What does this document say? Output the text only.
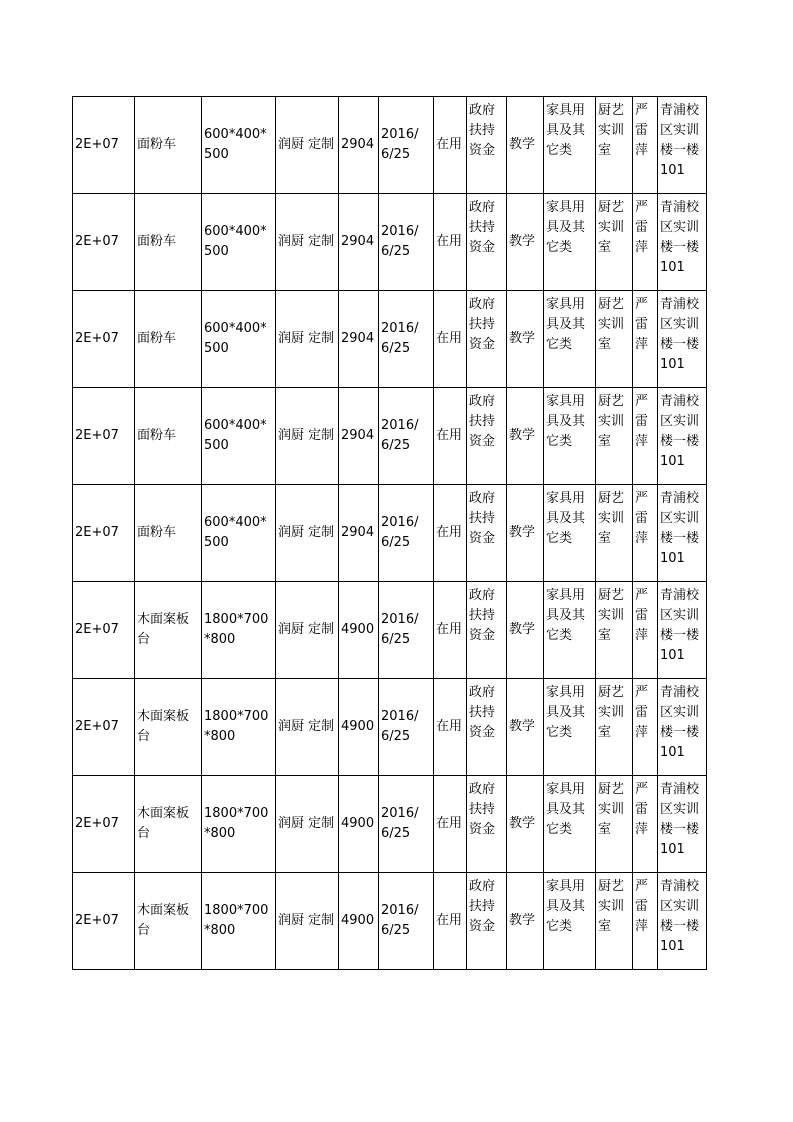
2E+07	面粉车	600*400*500	润厨 定制	2904	2016/6/25	在用	政府扶持资金	教学	家具用具及其它类	厨艺实训室	严雷萍	青浦校区实训楼一楼101
2E+07	面粉车	600*400*500	润厨 定制	2904	2016/6/25	在用	政府扶持资金	教学	家具用具及其它类	厨艺实训室	严雷萍	青浦校区实训楼一楼101
2E+07	面粉车	600*400*500	润厨 定制	2904	2016/6/25	在用	政府扶持资金	教学	家具用具及其它类	厨艺实训室	严雷萍	青浦校区实训楼一楼101
2E+07	面粉车	600*400*500	润厨 定制	2904	2016/6/25	在用	政府扶持资金	教学	家具用具及其它类	厨艺实训室	严雷萍	青浦校区实训楼一楼101
2E+07	面粉车	600*400*500	润厨 定制	2904	2016/6/25	在用	政府扶持资金	教学	家具用具及其它类	厨艺实训室	严雷萍	青浦校区实训楼一楼101
2E+07	木面案板台	1800*700*800	润厨 定制	4900	2016/6/25	在用	政府扶持资金	教学	家具用具及其它类	厨艺实训室	严雷萍	青浦校区实训楼一楼101
2E+07	木面案板台	1800*700*800	润厨 定制	4900	2016/6/25	在用	政府扶持资金	教学	家具用具及其它类	厨艺实训室	严雷萍	青浦校区实训楼一楼101
2E+07	木面案板台	1800*700*800	润厨 定制	4900	2016/6/25	在用	政府扶持资金	教学	家具用具及其它类	厨艺实训室	严雷萍	青浦校区实训楼一楼101
2E+07	木面案板台	1800*700*800	润厨 定制	4900	2016/6/25	在用	政府扶持资金	教学	家具用具及其它类	厨艺实训室	严雷萍	青浦校区实训楼一楼101
